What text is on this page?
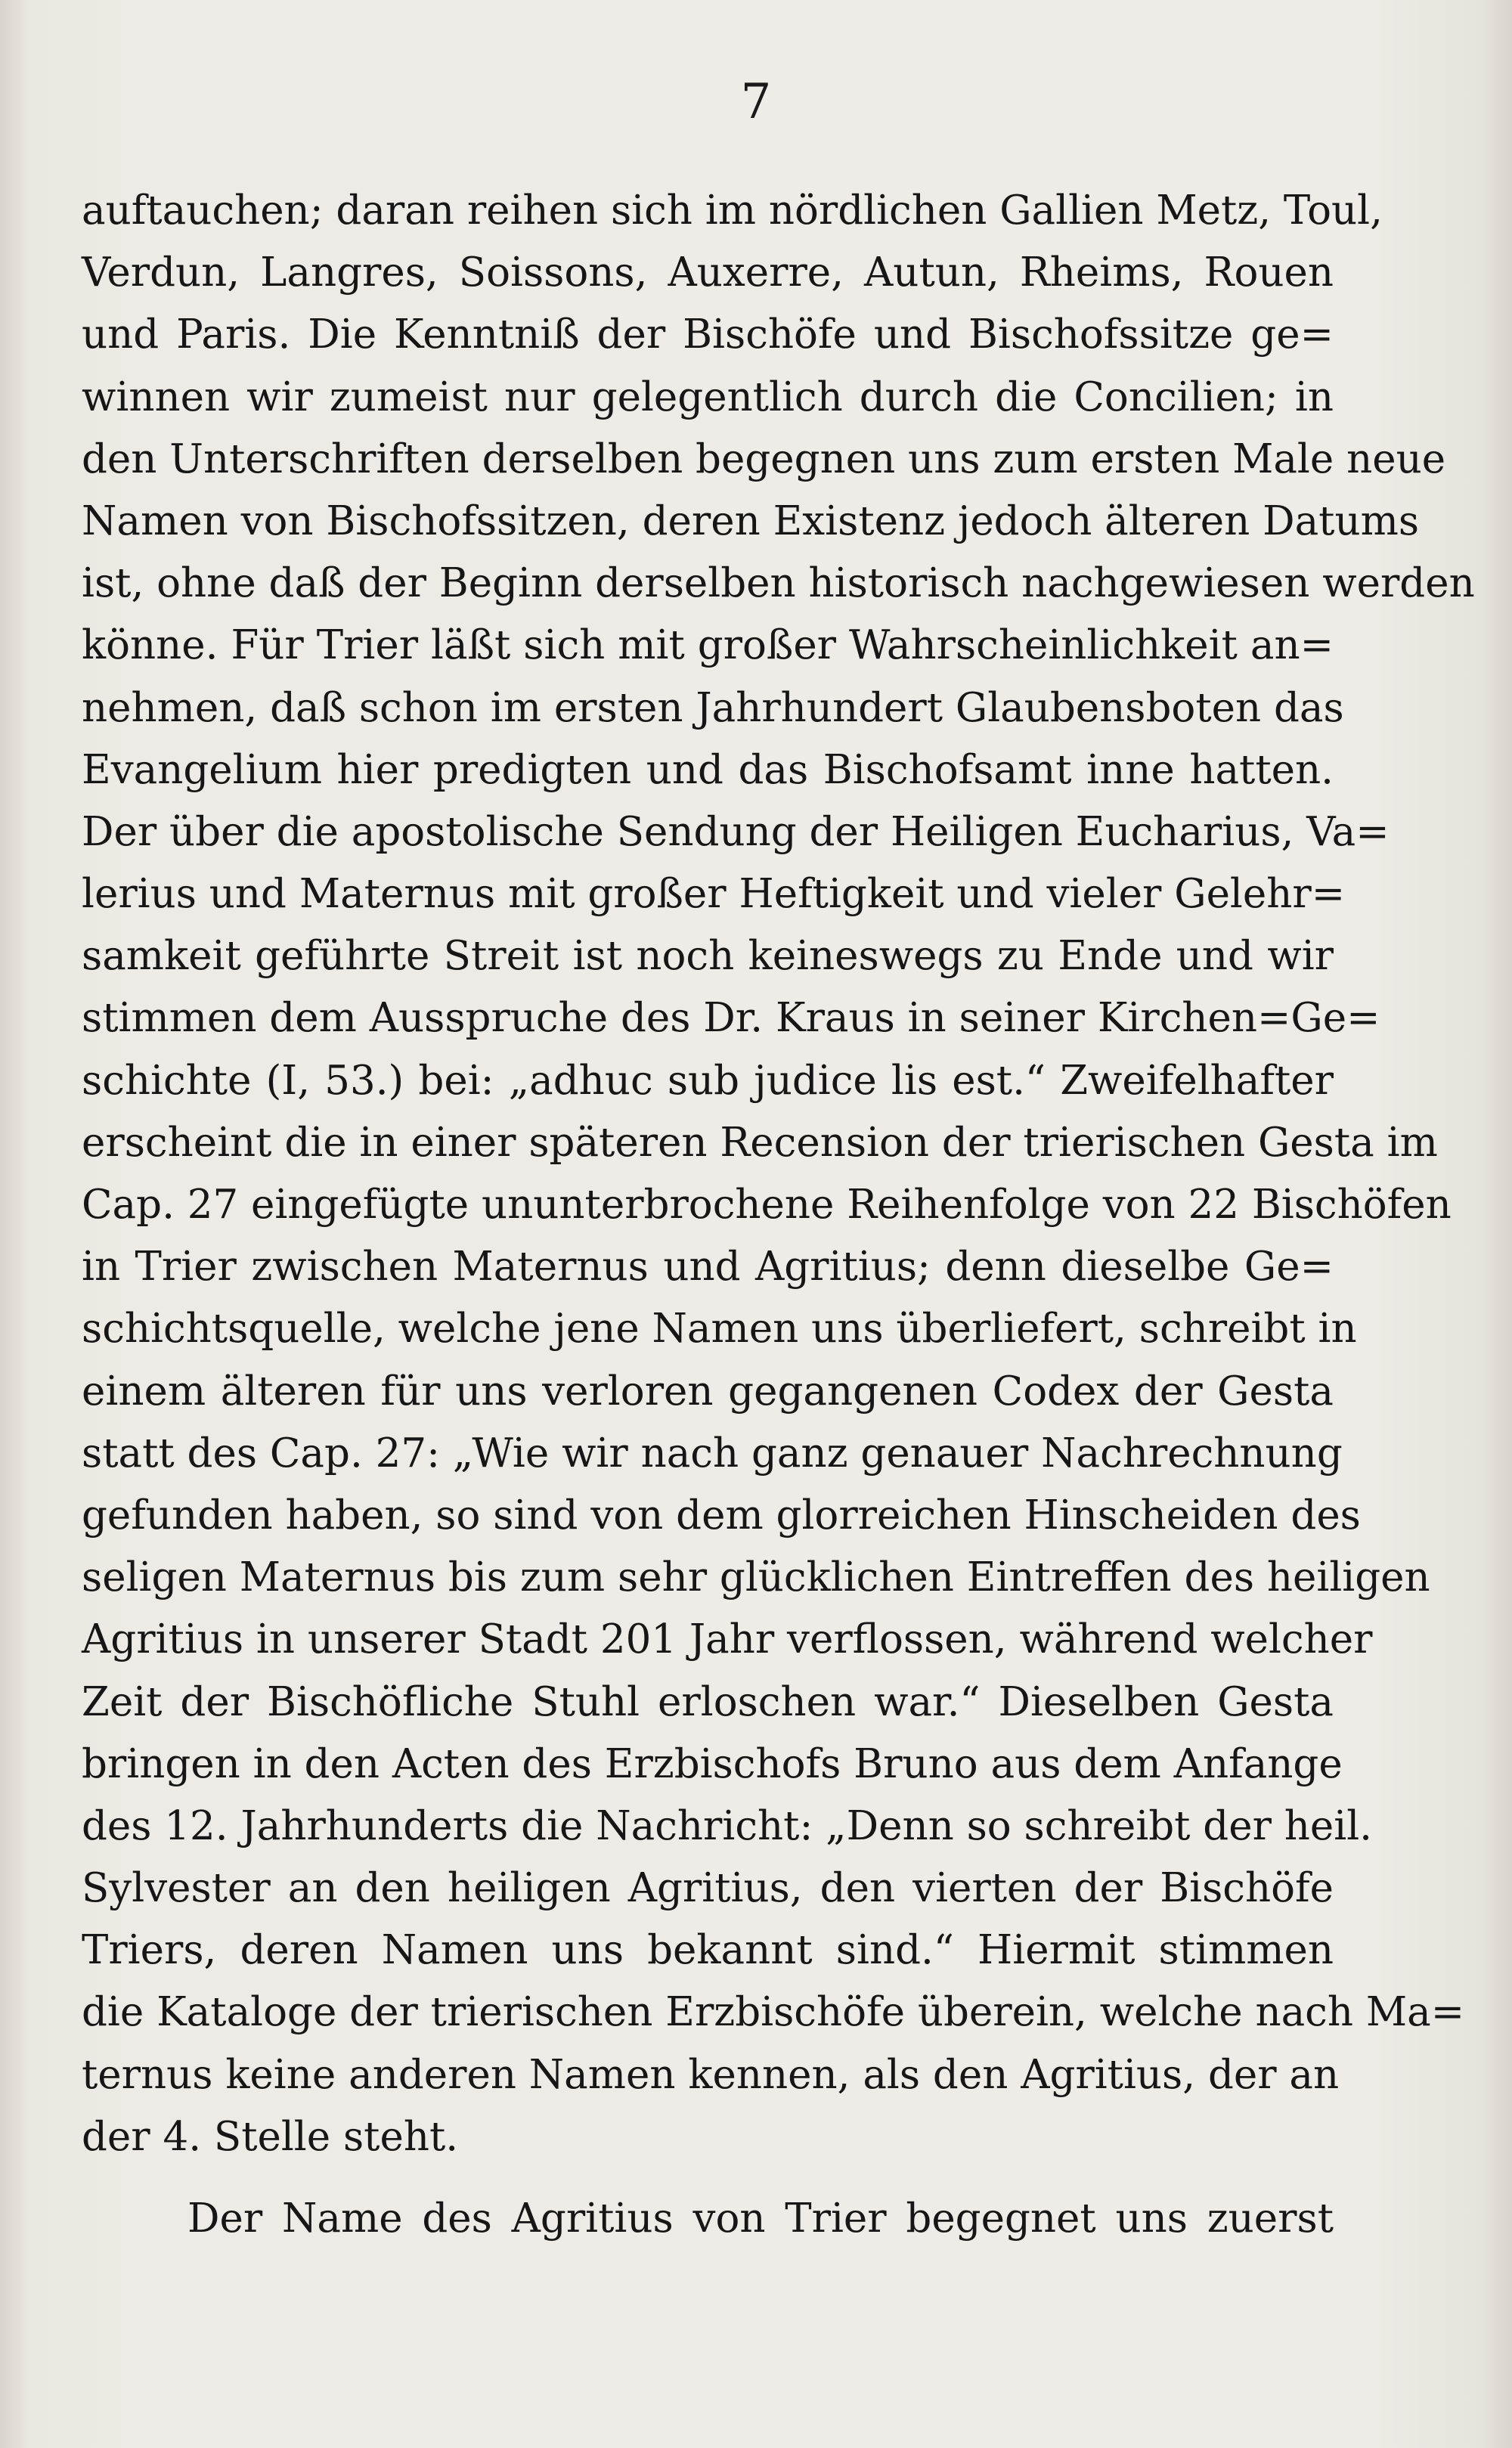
7
auftauchen; daran reihen sich im nördlichen Gallien Metz, Toul,
Verdun, Langres, Soissons, Auxerre, Autun, Rheims, Rouen
und Paris. Die Kenntniß der Bischöfe und Bischofssitze ge=
winnen wir zumeist nur gelegentlich durch die Concilien; in
den Unterschriften derselben begegnen uns zum ersten Male neue
Namen von Bischofssitzen, deren Existenz jedoch älteren Datums
ist, ohne daß der Beginn derselben historisch nachgewiesen werden
könne. Für Trier läßt sich mit großer Wahrscheinlichkeit an=
nehmen, daß schon im ersten Jahrhundert Glaubensboten das
Evangelium hier predigten und das Bischofsamt inne hatten.
Der über die apostolische Sendung der Heiligen Eucharius, Va=
lerius und Maternus mit großer Heftigkeit und vieler Gelehr=
samkeit geführte Streit ist noch keineswegs zu Ende und wir
stimmen dem Ausspruche des Dr. Kraus in seiner Kirchen=Ge=
schichte (I, 53.) bei: „adhuc sub judice lis est.“ Zweifelhafter
erscheint die in einer späteren Recension der trierischen Gesta im
Cap. 27 eingefügte ununterbrochene Reihenfolge von 22 Bischöfen
in Trier zwischen Maternus und Agritius; denn dieselbe Ge=
schichtsquelle, welche jene Namen uns überliefert, schreibt in
einem älteren für uns verloren gegangenen Codex der Gesta
statt des Cap. 27: „Wie wir nach ganz genauer Nachrechnung
gefunden haben, so sind von dem glorreichen Hinscheiden des
seligen Maternus bis zum sehr glücklichen Eintreffen des heiligen
Agritius in unserer Stadt 201 Jahr verflossen, während welcher
Zeit der Bischöfliche Stuhl erloschen war.“ Dieselben Gesta
bringen in den Acten des Erzbischofs Bruno aus dem Anfange
des 12. Jahrhunderts die Nachricht: „Denn so schreibt der heil.
Sylvester an den heiligen Agritius, den vierten der Bischöfe
Triers, deren Namen uns bekannt sind.“ Hiermit stimmen
die Kataloge der trierischen Erzbischöfe überein, welche nach Ma=
ternus keine anderen Namen kennen, als den Agritius, der an
der 4. Stelle steht.
Der Name des Agritius von Trier begegnet uns zuerst
